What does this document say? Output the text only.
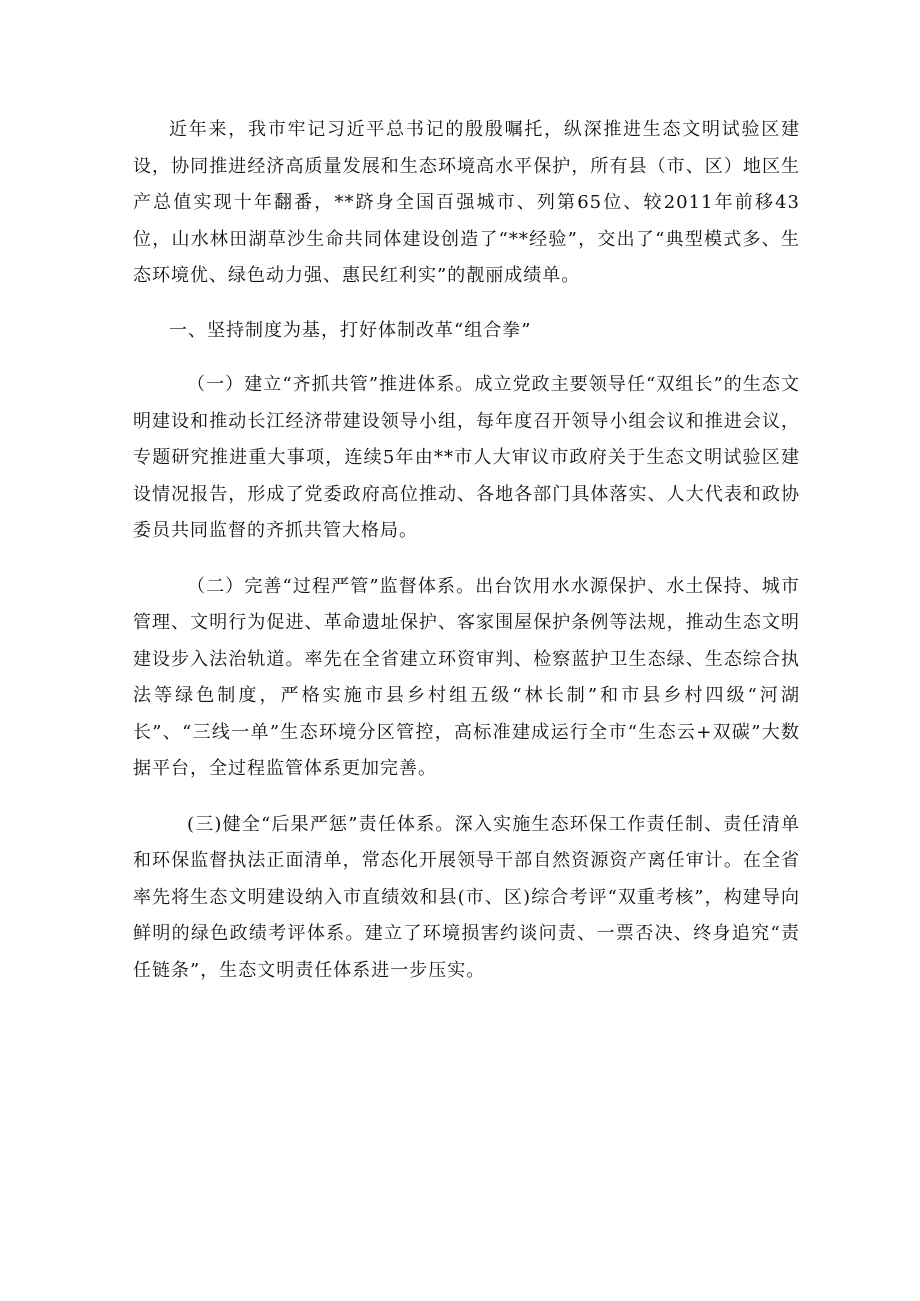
近年来，我市牢记习近平总书记的殷殷嘱托，纵深推进生态文明试验区建设，协同推进经济高质量发展和生态环境高水平保护，所有县（市、区）地区生产总值实现十年翻番，**跻身全国百强城市、列第65位、较2011年前移43位，山水林田湖草沙生命共同体建设创造了“**经验”，交出了“典型模式多、生态环境优、绿色动力强、惠民红利实”的靓丽成绩单。

一、坚持制度为基，打好体制改革“组合拳”

（一）建立“齐抓共管”推进体系。成立党政主要领导任“双组长”的生态文明建设和推动长江经济带建设领导小组，每年度召开领导小组会议和推进会议，专题研究推进重大事项，连续5年由**市人大审议市政府关于生态文明试验区建设情况报告，形成了党委政府高位推动、各地各部门具体落实、人大代表和政协委员共同监督的齐抓共管大格局。

（二）完善“过程严管”监督体系。出台饮用水水源保护、水土保持、城市管理、文明行为促进、革命遗址保护、客家围屋保护条例等法规，推动生态文明建设步入法治轨道。率先在全省建立环资审判、检察蓝护卫生态绿、生态综合执法等绿色制度，严格实施市县乡村组五级“林长制”和市县乡村四级“河湖长”、“三线一单”生态环境分区管控，高标准建成运行全市“生态云+双碳”大数据平台，全过程监管体系更加完善。

(三)健全“后果严惩”责任体系。深入实施生态环保工作责任制、责任清单和环保监督执法正面清单，常态化开展领导干部自然资源资产离任审计。在全省率先将生态文明建设纳入市直绩效和县(市、区)综合考评“双重考核”，构建导向鲜明的绿色政绩考评体系。建立了环境损害约谈问责、一票否决、终身追究“责任链条”，生态文明责任体系进一步压实。
